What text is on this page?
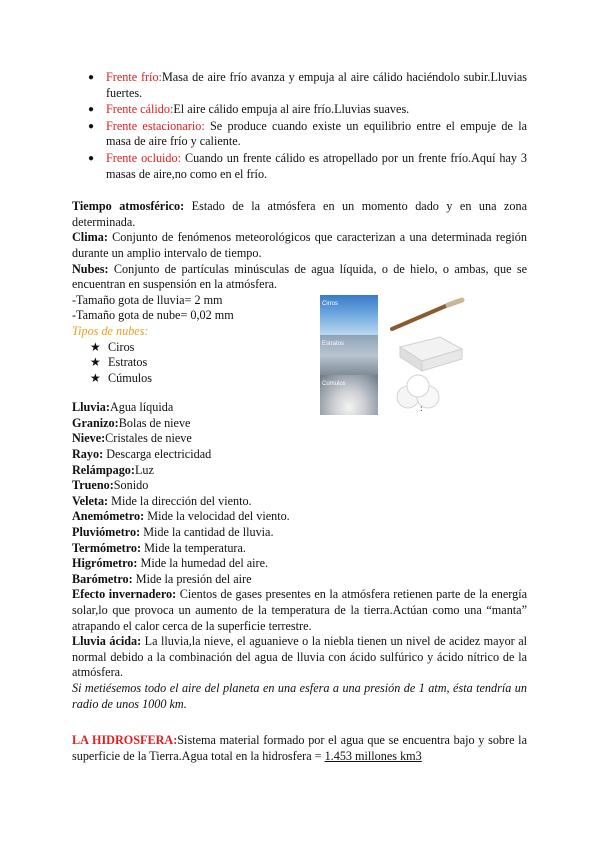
● Frente frío:Masa de aire frío avanza y empuja al aire cálido haciéndolo subir.Lluvias fuertes.
● Frente cálido:El aire cálido empuja al aire frío.Lluvias suaves.
● Frente estacionario: Se produce cuando existe un equilibrio entre el empuje de la masa de aire frío y caliente.
● Frente ocluido: Cuando un frente cálido es atropellado por un frente frío.Aquí hay 3 masas de aire,no como en el frío.

Tiempo atmosférico: Estado de la atmósfera en un momento dado y en una zona determinada.

Clima: Conjunto de fenómenos meteorológicos que caracterizan a una determinada región durante un amplio intervalo de tiempo.

Nubes: Conjunto de partículas minúsculas de agua líquida, o de hielo, o ambas, que se encuentran en suspensión en la atmósfera.

-Tamaño gota de lluvia= 2 mm
-Tamaño gota de nube= 0,02 mm
Tipos de nubes:
★ Ciros
★ Estratos
★ Cúmulos
Lluvia:Agua líquida
Granizo:Bolas de nieve
Nieve:Cristales de nieve
Rayo: Descarga electricidad
Relámpago:Luz
Trueno:Sonido
Veleta: Mide la dirección del viento.
Anemómetro: Mide la velocidad del viento.
Pluviómetro: Mide la cantidad de lluvia.
Termómetro: Mide la temperatura.
Higrómetro: Mide la humedad del aire.
Barómetro: Mide la presión del aire

Efecto invernadero: Cientos de gases presentes en la atmósfera retienen parte de la energía solar,lo que provoca un aumento de la temperatura de la tierra.Actúan como una “manta” atrapando el calor cerca de la superficie terrestre.

Lluvia ácida: La lluvia,la nieve, el aguanieve o la niebla tienen un nivel de acidez mayor al normal debido a la combinación del agua de lluvia con ácido sulfúrico y ácido nítrico de la atmósfera.

Si metiésemos todo el aire del planeta en una esfera a una presión de 1 atm, ésta tendría un radio de unos 1000 km.

LA HIDROSFERA:Sistema material formado por el agua que se encuentra bajo y sobre la superficie de la Tierra.Agua total en la hidrosfera = 1.453 millones km3

Cirros
Estratos
Cúmulos
:
